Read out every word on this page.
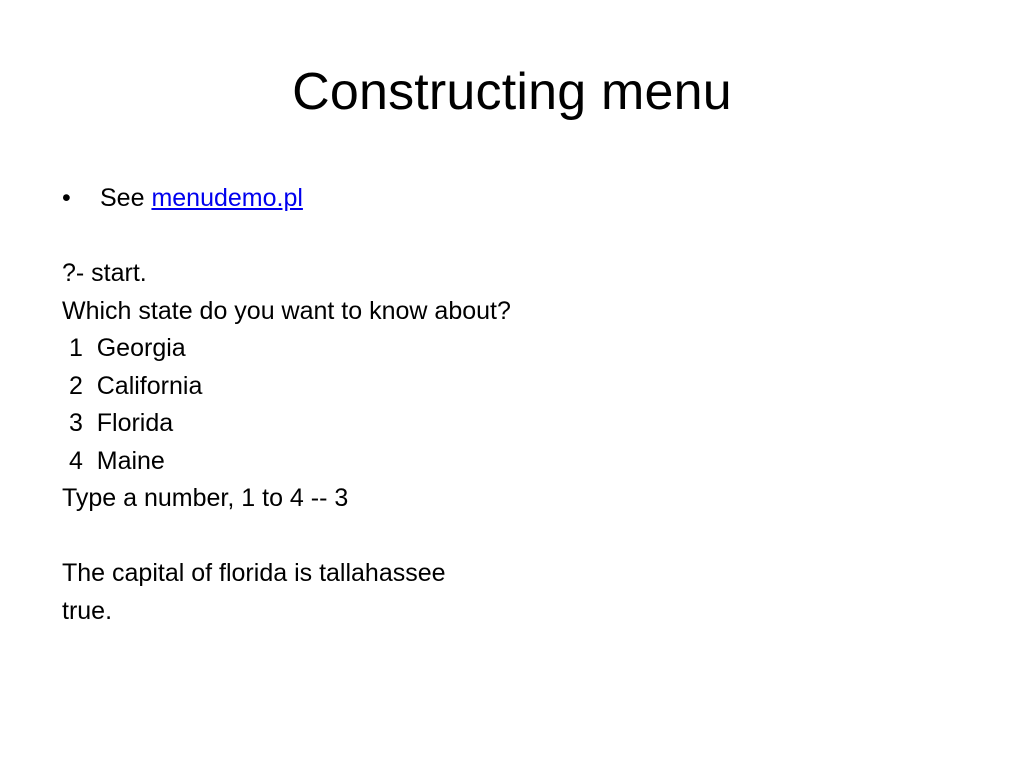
Constructing menu
•	See menudemo.pl
?- start.
Which state do you want to know about?
1  Georgia
2  California
3  Florida
4  Maine
Type a number, 1 to 4 -- 3
The capital of florida is tallahassee
true.
